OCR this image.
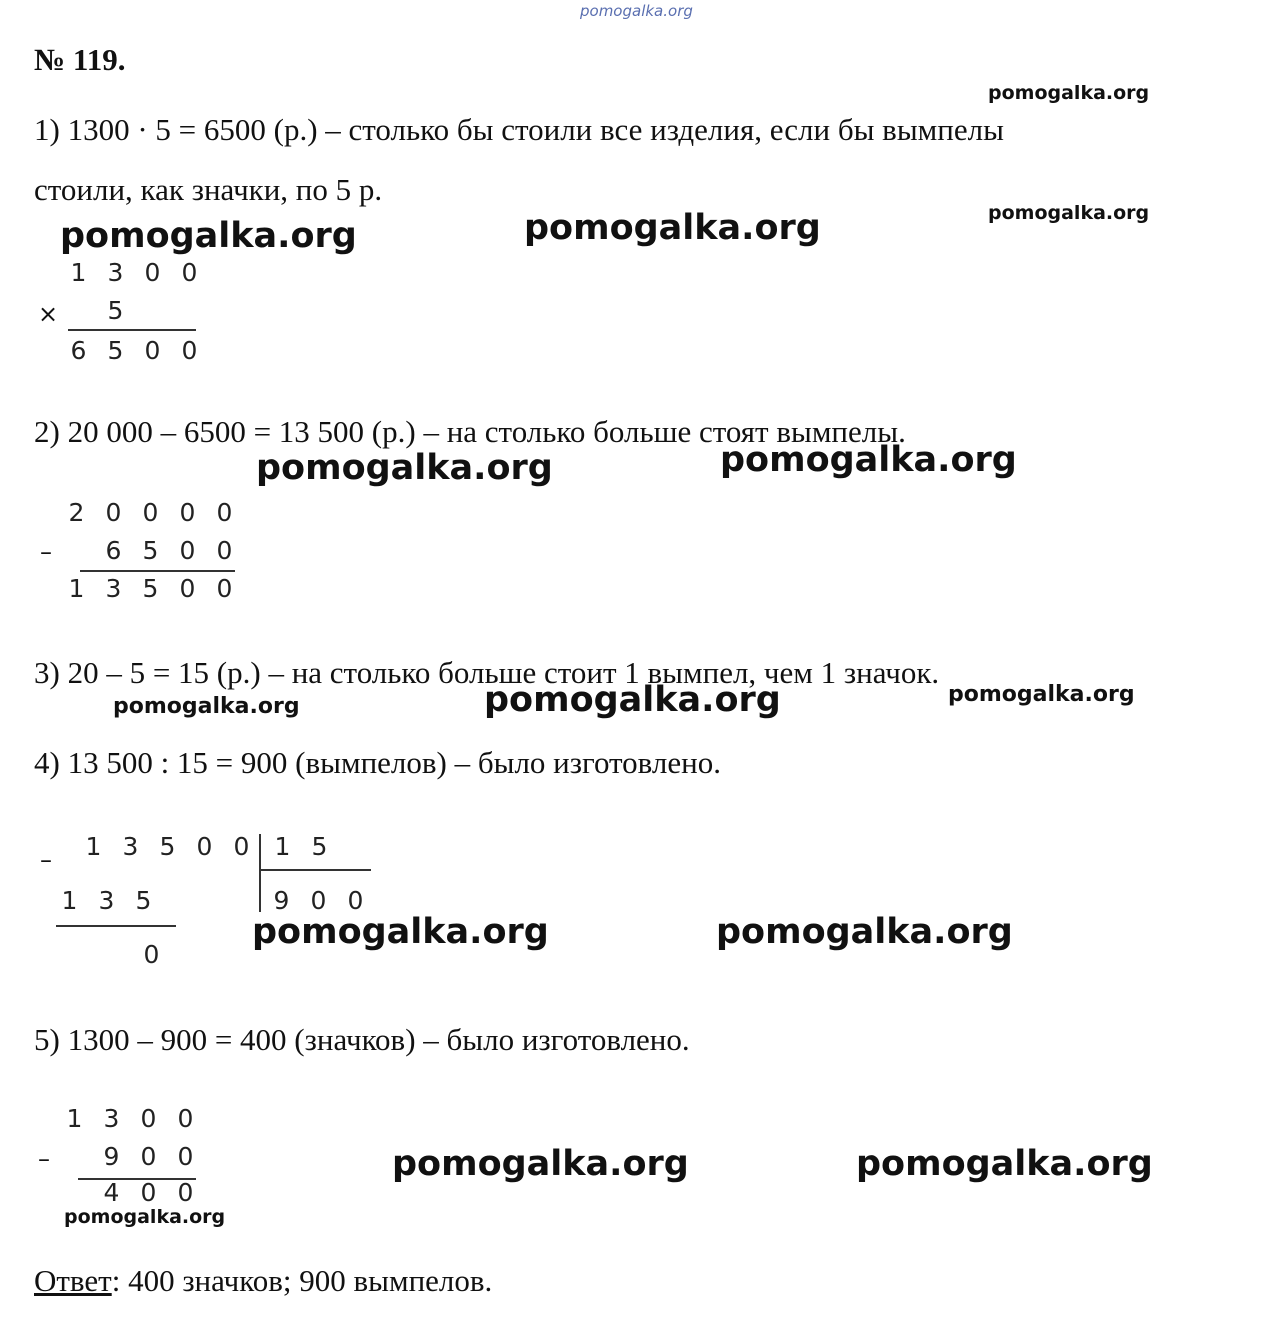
pomogalka.org
№ 119.
1) 1300 · 5 = 6500 (р.) – столько бы стоили все изделия, если бы вымпелы
стоили, как значки, по 5 р.
pomogalka.org
pomogalka.org
pomogalka.org	pomogalka.org
1 3 0 0
5
6 5 0 0
×
2) 20 000 – 6500 = 13 500 (р.) – на столько больше стоят вымпелы.
pomogalka.org	pomogalka.org
2 0 0 0 0
6 5 0 0
1 3 5 0 0
–
3) 20 – 5 = 15 (р.) – на столько больше стоит 1 вымпел, чем 1 значок.
pomogalka.org	pomogalka.org	pomogalka.org
4) 13 500 : 15 = 900 (вымпелов) – было изготовлено.
1 3 5 0 0
–	1 5
9 0 0
1 3 5
0
pomogalka.org	pomogalka.org
5) 1300 – 900 = 400 (значков) – было изготовлено.
1 3 0 0
9 0 0
4 0 0
–	pomogalka.org	pomogalka.org
pomogalka.org
Ответ: 400 значков; 900 вымпелов.
